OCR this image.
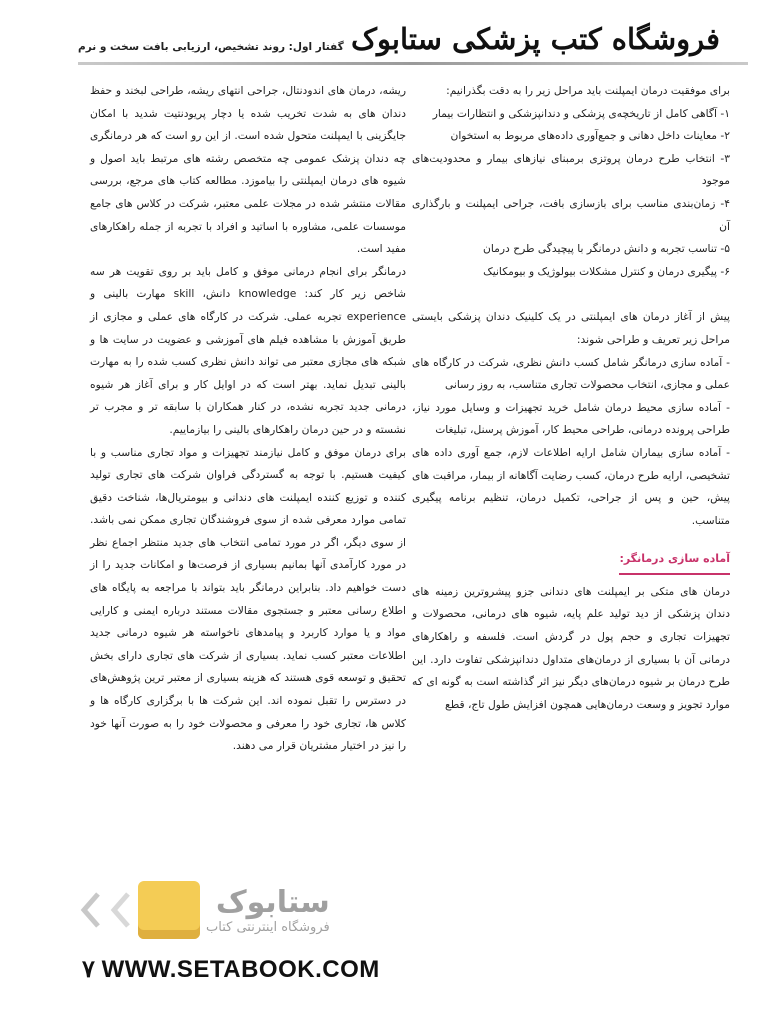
فروشگاه کتب پزشکی ستابوک
گفتار اول: روند تشخیص، ارزیابی بافت سخت و نرم

برای موفقیت درمان ایمپلنت باید مراحل زیر را به دقت بگذرانیم:

۱- آگاهی کامل از تاریخچه‌ی پزشکی و دندانپزشکی و انتظارات بیمار

۲- معاینات داخل دهانی و جمع‌آوری داده‌های مربوط به استخوان

۳- انتخاب طرح درمان پروتزی برمبنای نیازهای بیمار و محدودیت‌های موجود

۴- زمان‌بندی مناسب برای بازسازی بافت، جراحی ایمپلنت و بارگذاری آن

۵- تناسب تجربه و دانش درمانگر با پیچیدگی طرح درمان

۶- پیگیری درمان و کنترل مشکلات بیولوژیک و بیومکانیک

پیش از آغاز درمان های ایمپلنتی در یک کلینیک دندان پزشکی بایستی مراحل زیر تعریف و طراحی شوند:

- آماده سازی درمانگر شامل کسب دانش نظری، شرکت در کارگاه های عملی و مجازی، انتخاب محصولات تجاری متناسب، به روز رسانی

- آماده سازی محیط درمان شامل خرید تجهیزات و وسایل مورد نیاز، طراحی پرونده درمانی، طراحی محیط کار، آموزش پرسنل، تبلیغات

- آماده سازی بیماران شامل ارایه اطلاعات لازم، جمع آوری داده های تشخیصی، ارایه طرح درمان، کسب رضایت آگاهانه از بیمار، مراقبت های پیش، حین و پس از جراحی، تکمیل درمان، تنظیم برنامه پیگیری متناسب.

آماده سازی درمانگر:

درمان های متکی بر ایمپلنت های دندانی جزو پیشروترین زمینه های دندان پزشکی از دید تولید علم پایه، شیوه های درمانی، محصولات و تجهیزات تجاری و حجم پول در گردش است. فلسفه و راهکارهای درمانی آن با بسیاری از درمان‌های متداول دندانپزشکی تفاوت دارد. این طرح درمان بر شیوه درمان‌های دیگر نیز اثر گذاشته است به گونه ای که موارد تجویز و وسعت درمان‌هایی همچون افزایش طول تاج، قطع

ریشه، درمان های اندودنتال، جراحی انتهای ریشه، طراحی لبخند و حفظ دندان های به شدت تخریب شده یا دچار پریودنتیت شدید با امکان جایگزینی با ایمپلنت متحول شده است. از این رو است که هر درمانگری چه دندان پزشک عمومی چه متخصص رشته های مرتبط باید اصول و شیوه های درمان ایمپلنتی را بیاموزد. مطالعه کتاب های مرجع، بررسی مقالات منتشر شده در مجلات علمی معتبر، شرکت در کلاس های جامع موسسات علمی، مشاوره با اساتید و افراد با تجربه از جمله راهکارهای مفید است.

درمانگر برای انجام درمانی موفق و کامل باید بر روی تقویت هر سه شاخص زیر کار کند: knowledge دانش، skill مهارت بالینی و experience تجربه عملی. شرکت در کارگاه های عملی و مجازی از طریق آموزش با مشاهده فیلم های آموزشی و عضویت در سایت ها و شبکه های مجازی معتبر می تواند دانش نظری کسب شده را به مهارت بالینی تبدیل نماید. بهتر است که در اوایل کار و برای آغاز هر شیوه درمانی جدید تجربه نشده، در کنار همکاران با سابقه تر و مجرب تر نشسته و در حین درمان راهکارهای بالینی را بیازماییم.

برای درمان موفق و کامل نیازمند تجهیزات و مواد تجاری مناسب و با کیفیت هستیم. با توجه به گستردگی فراوان شرکت های تجاری تولید کننده و توزیع کننده ایمپلنت های دندانی و بیومتریال‌ها، شناخت دقیق تمامی موارد معرفی شده از سوی فروشندگان تجاری ممکن نمی باشد. از سوی دیگر، اگر در مورد تمامی انتخاب های جدید منتظر اجماع نظر در مورد کارآمدی آنها بمانیم بسیاری از فرصت‌ها و امکانات جدید را از دست خواهیم داد. بنابراین درمانگر باید بتواند با مراجعه به پایگاه های اطلاع رسانی معتبر و جستجوی مقالات مستند درباره ایمنی و کارایی مواد و یا موارد کاربرد و پیامدهای ناخواسته هر شیوه درمانی جدید اطلاعات معتبر کسب نماید. بسیاری از شرکت های تجاری دارای بخش تحقیق و توسعه قوی هستند که هزینه بسیاری از معتبر ترین پژوهش‌های در دسترس را تقبل نموده اند. این شرکت ها با برگزاری کارگاه ها و کلاس ها، تجاری خود را معرفی و محصولات خود را به صورت آنها خود را نیز در اختیار مشتریان قرار می دهند.

ستابوک
فروشگاه اینترنتی کتاب
۷ WWW.SETABOOK.COM
